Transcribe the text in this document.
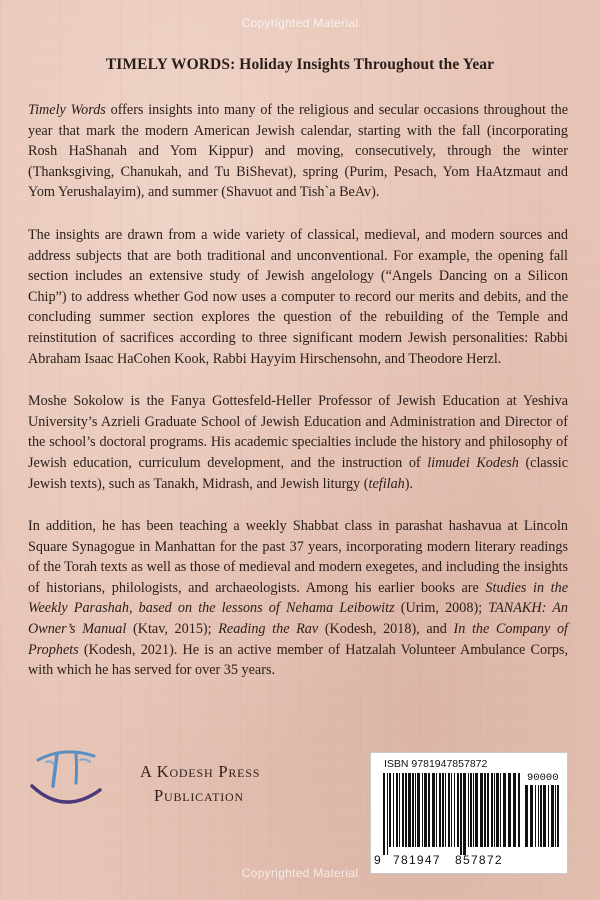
Copyrighted Material
TIMELY WORDS: Holiday Insights Throughout the Year

Timely Words offers insights into many of the religious and secular occasions throughout the year that mark the modern American Jewish calendar, starting with the fall (incorporating Rosh HaShanah and Yom Kippur) and moving, consecutively, through the winter (Thanksgiving, Chanukah, and Tu BiShevat), spring (Purim, Pesach, Yom HaAtzmaut and Yom Yerushalayim), and summer (Shavuot and Tish`a BeAv).

The insights are drawn from a wide variety of classical, medieval, and modern sources and address subjects that are both traditional and unconventional. For example, the opening fall section includes an extensive study of Jewish angelology (“Angels Dancing on a Silicon Chip”) to address whether God now uses a computer to record our merits and debits, and the concluding summer section explores the question of the rebuilding of the Temple and reinstitution of sacrifices according to three significant modern Jewish personalities: Rabbi Abraham Isaac HaCohen Kook, Rabbi Hayyim Hirschensohn, and Theodore Herzl.

Moshe Sokolow is the Fanya Gottesfeld-Heller Professor of Jewish Education at Yeshiva University’s Azrieli Graduate School of Jewish Education and Administration and Director of the school’s doctoral programs. His academic specialties include the history and philosophy of Jewish education, curriculum development, and the instruction of limudei Kodesh (classic Jewish texts), such as Tanakh, Midrash, and Jewish liturgy (tefilah).

In addition, he has been teaching a weekly Shabbat class in parashat hashavua at Lincoln Square Synagogue in Manhattan for the past 37 years, incorporating modern literary readings of the Torah texts as well as those of medieval and modern exegetes, and including the insights of historians, philologists, and archaeologists. Among his earlier books are Studies in the Weekly Parashah, based on the lessons of Nehama Leibowitz (Urim, 2008); TANAKH: An Owner’s Manual (Ktav, 2015); Reading the Rav (Kodesh, 2018), and In the Company of Prophets (Kodesh, 2021). He is an active member of Hatzalah Volunteer Ambulance Corps, with which he has served for over 35 years.

A Kodesh Press
Publication
ISBN 9781947857872
90000
9 781947 857872
Copyrighted Material
